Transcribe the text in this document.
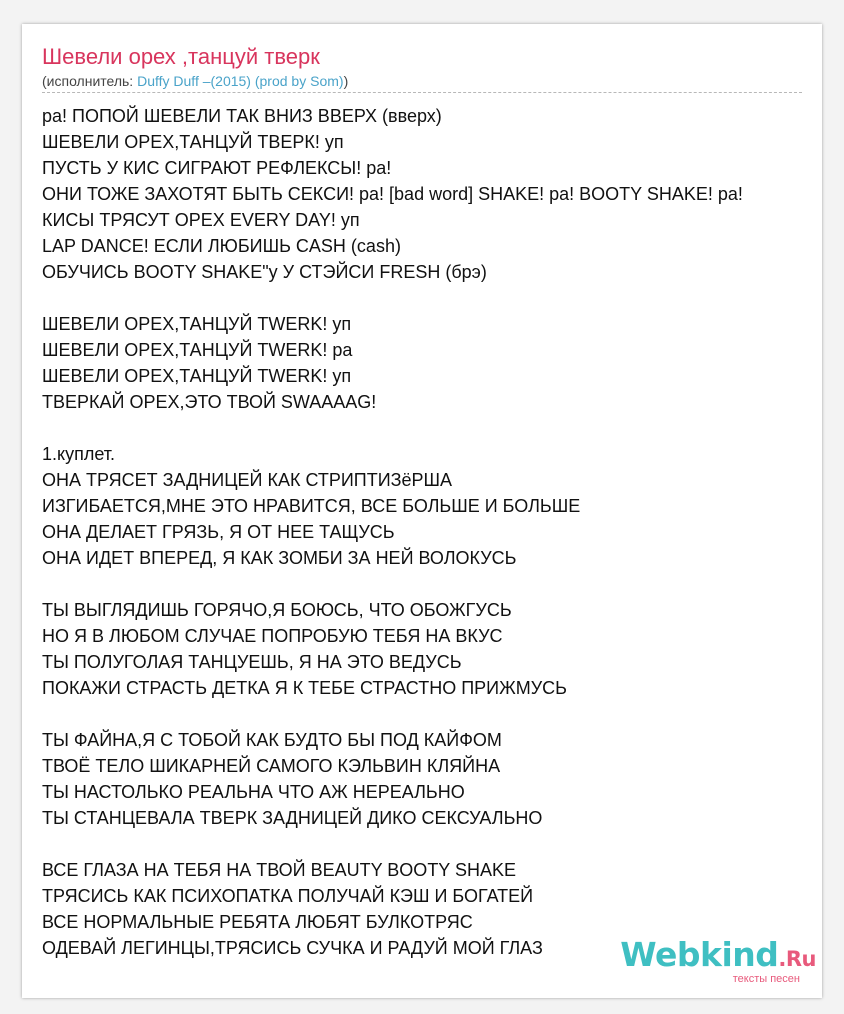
Шевели орех ,танцуй тверк
(исполнитель: Duffy Duff –(2015) (prod by Som))
ра! ПОПОЙ ШЕВЕЛИ ТАК ВНИЗ ВВЕРХ (вверх)
ШЕВЕЛИ ОРЕХ,ТАНЦУЙ ТВЕРК! уп
ПУСТЬ У КИС СИГРАЮТ РЕФЛЕКСЫ! ра!
ОНИ ТОЖЕ ЗАХОТЯТ БЫТЬ СЕКСИ! ра! [bad word] SHAKE! ра! BOOTY SHAKE! ра!
КИСЫ ТРЯСУТ ОРЕХ EVERY DAY! уп
LAP DANCE! ЕСЛИ ЛЮБИШЬ CASH (cash)
ОБУЧИСЬ BOOTY SHAKE"у У СТЭЙСИ FRESH (брэ)
ШЕВЕЛИ ОРЕХ,ТАНЦУЙ TWERK! уп
ШЕВЕЛИ ОРЕХ,ТАНЦУЙ TWERK! ра
ШЕВЕЛИ ОРЕХ,ТАНЦУЙ TWERK! уп
ТВЕРКАЙ ОРЕХ,ЭТО ТВОЙ SWAAAAG!
1.куплет.
ОНА ТРЯСЕТ ЗАДНИЦЕЙ КАК СТРИПТИЗёРША
ИЗГИБАЕТСЯ,МНЕ ЭТО НРАВИТСЯ, ВСЕ БОЛЬШЕ И БОЛЬШЕ
ОНА ДЕЛАЕТ ГРЯЗЬ, Я ОТ НЕЕ ТАЩУСЬ
ОНА ИДЕТ ВПЕРЕД, Я КАК ЗОМБИ ЗА НЕЙ ВОЛОКУСЬ
ТЫ ВЫГЛЯДИШЬ ГОРЯЧО,Я БОЮСЬ, ЧТО ОБОЖГУСЬ
НО Я В ЛЮБОМ СЛУЧАЕ ПОПРОБУЮ ТЕБЯ НА ВКУС
ТЫ ПОЛУГОЛАЯ ТАНЦУЕШЬ, Я НА ЭТО ВЕДУСЬ
ПОКАЖИ СТРАСТЬ ДЕТКА Я К ТЕБЕ СТРАСТНО ПРИЖМУСЬ
ТЫ ФАЙНА,Я С ТОБОЙ КАК БУДТО БЫ ПОД КАЙФОМ
ТВОЁ ТЕЛО ШИКАРНЕЙ САМОГО КЭЛЬВИН КЛЯЙНА
ТЫ НАСТОЛЬКО РЕАЛЬНА ЧТО АЖ НЕРЕАЛЬНО
ТЫ СТАНЦЕВАЛА ТВЕРК ЗАДНИЦЕЙ ДИКО СЕКСУАЛЬНО
ВСЕ ГЛАЗА НА ТЕБЯ НА ТВОЙ BEAUTY BOOTY SHAKE
ТРЯСИСЬ КАК ПСИХОПАТКА ПОЛУЧАЙ КЭШ И БОГАТЕЙ
ВСЕ НОРМАЛЬНЫЕ РЕБЯТА ЛЮБЯТ БУЛКОТРЯС
ОДЕВАЙ ЛЕГИНЦЫ,ТРЯСИСЬ СУЧКА И РАДУЙ МОЙ ГЛАЗ	Webkind.Ru
тексты песен
